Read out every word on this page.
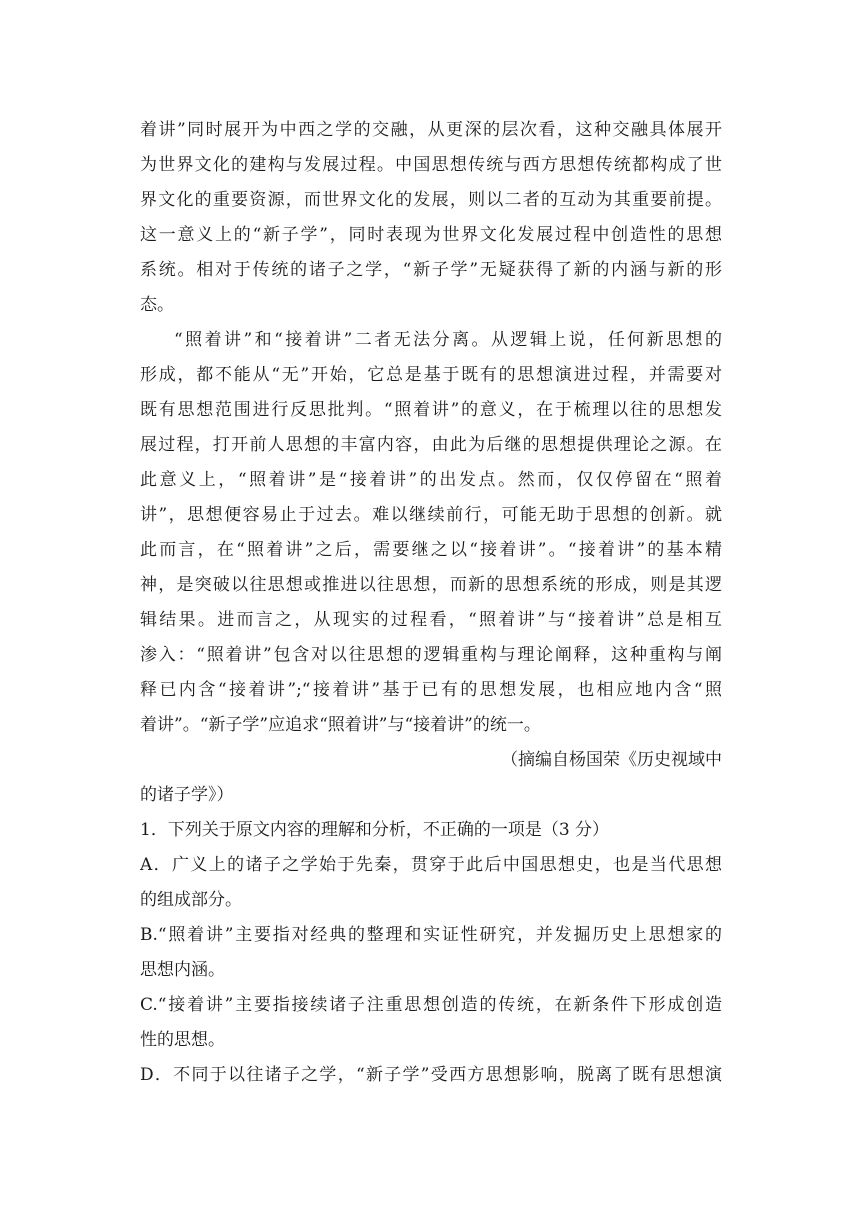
着讲”同时展开为中西之学的交融，从更深的层次看，这种交融具体展开
为世界文化的建构与发展过程。中国思想传统与西方思想传统都构成了世
界文化的重要资源，而世界文化的发展，则以二者的互动为其重要前提。
这一意义上的“新子学”，同时表现为世界文化发展过程中创造性的思想
系统。相对于传统的诸子之学，“新子学”无疑获得了新的内涵与新的形
态。
“照着讲”和“接着讲”二者无法分离。从逻辑上说，任何新思想的
形成，都不能从“无”开始，它总是基于既有的思想演进过程，并需要对
既有思想范围进行反思批判。“照着讲”的意义，在于梳理以往的思想发
展过程，打开前人思想的丰富内容，由此为后继的思想提供理论之源。在
此意义上，“照着讲”是“接着讲”的出发点。然而，仅仅停留在“照着
讲”，思想便容易止于过去。难以继续前行，可能无助于思想的创新。就
此而言，在“照着讲”之后，需要继之以“接着讲”。“接着讲”的基本精
神，是突破以往思想或推进以往思想，而新的思想系统的形成，则是其逻
辑结果。进而言之，从现实的过程看，“照着讲”与“接着讲”总是相互
渗入：“照着讲”包含对以往思想的逻辑重构与理论阐释，这种重构与阐
释已内含“接着讲”;“接着讲”基于已有的思想发展，也相应地内含“照
着讲”。“新子学”应追求“照着讲”与“接着讲”的统一。
（摘编自杨国荣《历史视域中
的诸子学》）
1．下列关于原文内容的理解和分析，不正确的一项是（3 分）
A．广义上的诸子之学始于先秦，贯穿于此后中国思想史，也是当代思想
的组成部分。
B.“照着讲”主要指对经典的整理和实证性研究，并发掘历史上思想家的
思想内涵。
C.“接着讲”主要指接续诸子注重思想创造的传统，在新条件下形成创造
性的思想。
D．不同于以往诸子之学，“新子学”受西方思想影响，脱离了既有思想演
